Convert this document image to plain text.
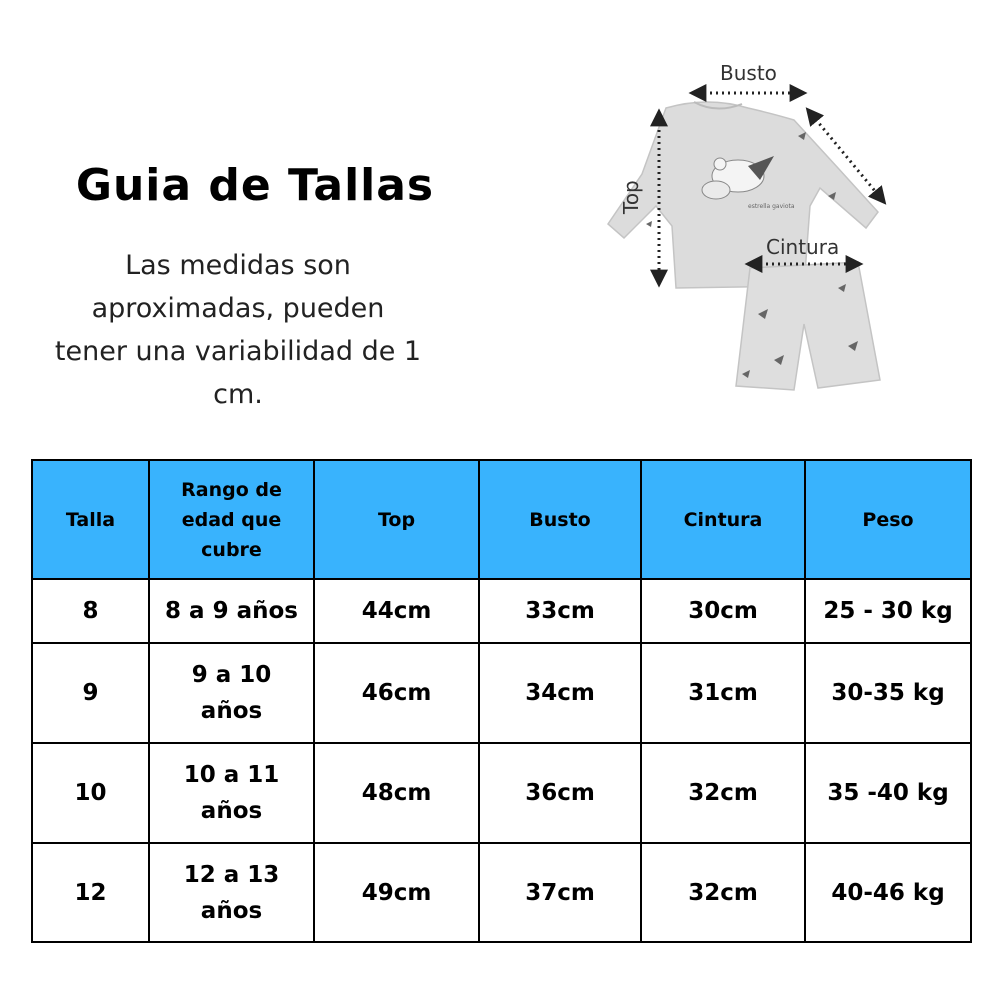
Guia de Tallas

Las medidas son aproximadas, pueden tener una variabilidad de 1 cm.

estrella gaviota
Busto
Top
Cintura
Talla	Rango de edad que cubre	Top	Busto	Cintura	Peso
8	8 a 9 años	44cm	33cm	30cm	25 - 30 kg
9	9 a 10 años	46cm	34cm	31cm	30-35 kg
10	10 a 11 años	48cm	36cm	32cm	35 -40 kg
12	12 a 13 años	49cm	37cm	32cm	40-46 kg
